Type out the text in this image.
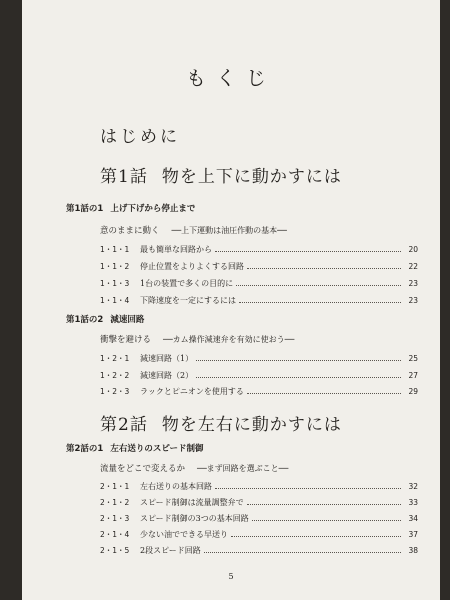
もくじ
はじめに
第1話 物を上下に動かすには
第1話の1 上げ下げから停止まで
意のままに動く ──上下運動は油圧作動の基本──
1・1・1	最も簡単な回路から	20
1・1・2	停止位置をよりよくする回路	22
1・1・3	1台の装置で多くの目的に	23
1・1・4	下降速度を一定にするには	23
第1話の2 減速回路
衝撃を避ける ──カム操作減速弁を有効に使おう──
1・2・1	減速回路（1）	25
1・2・2	減速回路（2）	27
1・2・3	ラックとピニオンを使用する	29
第2話 物を左右に動かすには
第2話の1 左右送りのスピード制御
流量をどこで変えるか ──まず回路を選ぶこと──
2・1・1	左右送りの基本回路	32
2・1・2	スピード制御は流量調整弁で	33
2・1・3	スピード制御の3つの基本回路	34
2・1・4	少ない油でできる早送り	37
2・1・5	2段スピード回路	38
5
